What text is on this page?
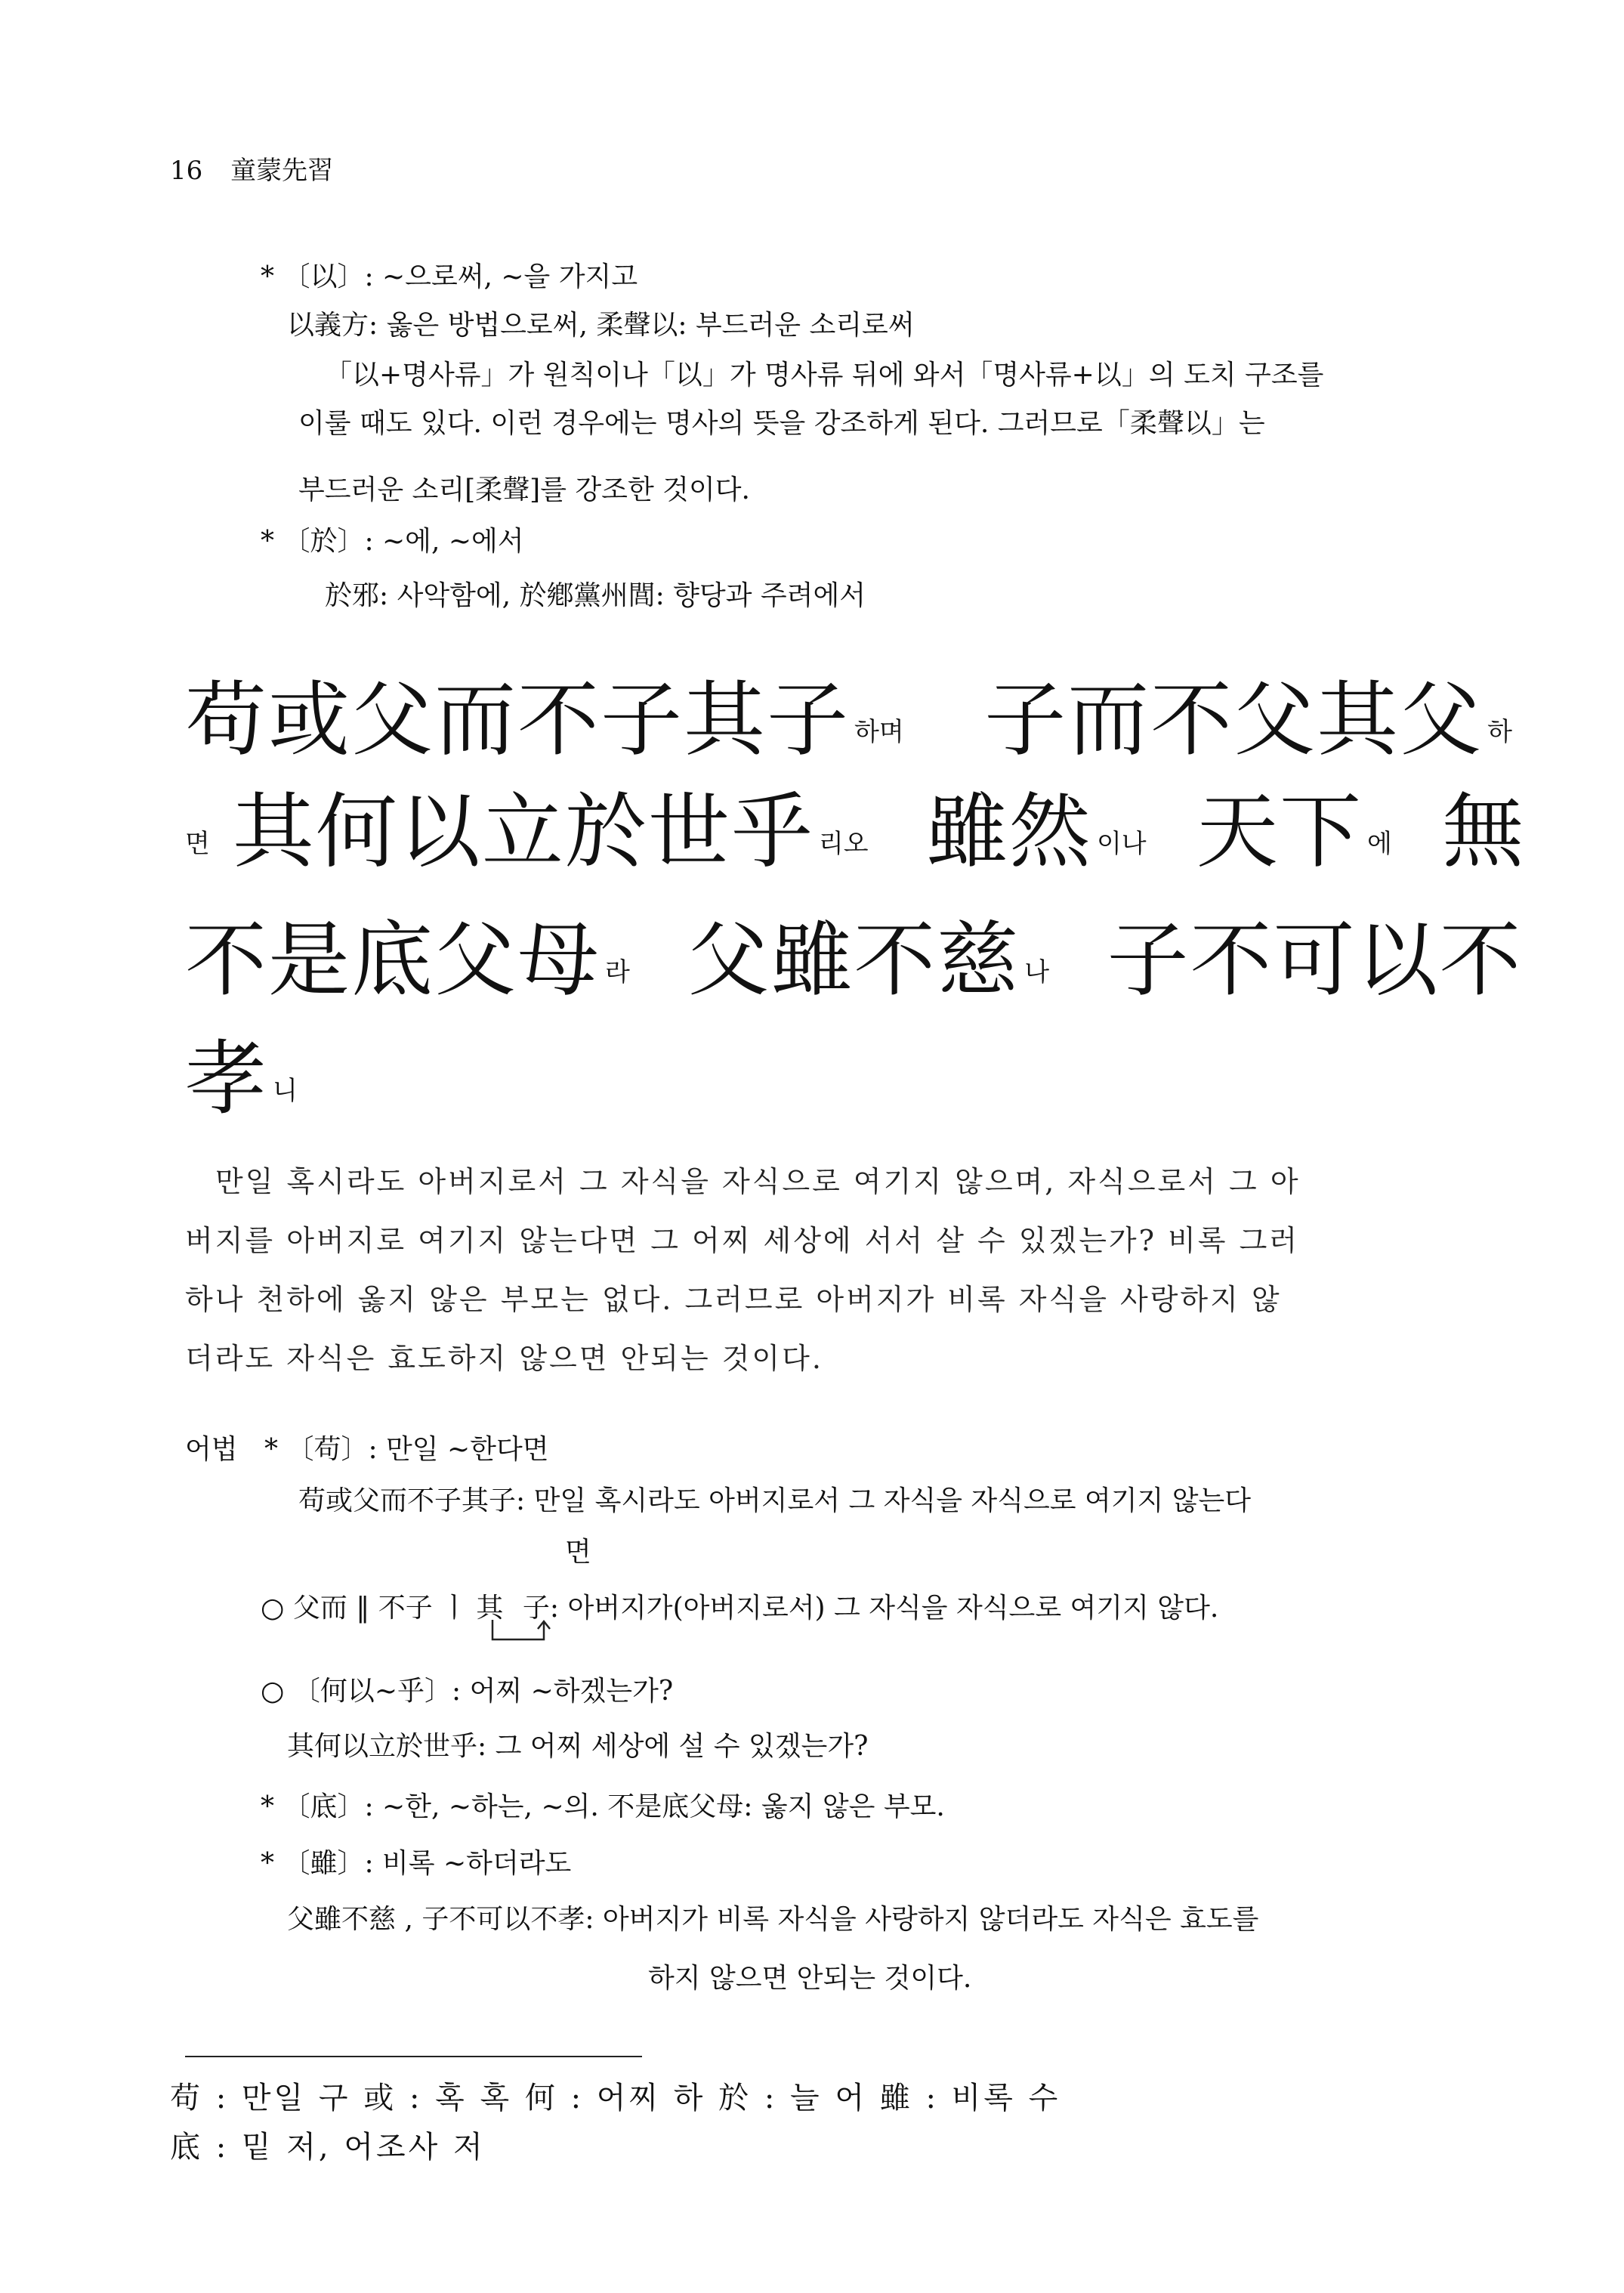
16 童蒙先習
* 〔以〕: ~으로써, ~을 가지고
以義方: 옳은 방법으로써, 柔聲以: 부드러운 소리로써
「以+명사류」가 원칙이나「以」가 명사류 뒤에 와서「명사류+以」의 도치 구조를
이룰 때도 있다. 이런 경우에는 명사의 뜻을 강조하게 된다. 그러므로「柔聲以」는
부드러운 소리[柔聲]를 강조한 것이다.
* 〔於〕: ~에, ~에서
於邪: 사악함에, 於鄕黨州閭: 향당과 주려에서
苟或父而不子其子 하며 子而不父其父 하
면 其何以立於世乎 리오 雖然 이나 天下 에 無
不是底父母 라 父雖不慈 나 子不可以不
孝니
만일 혹시라도 아버지로서 그 자식을 자식으로 여기지 않으며, 자식으로서 그 아
버지를 아버지로 여기지 않는다면 그 어찌 세상에 서서 살 수 있겠는가? 비록 그러
하나 천하에 옳지 않은 부모는 없다. 그러므로 아버지가 비록 자식을 사랑하지 않
더라도 자식은 효도하지 않으면 안되는 것이다.
어법 * 〔苟〕: 만일 ~한다면
苟或父而不子其子: 만일 혹시라도 아버지로서 그 자식을 자식으로 여기지 않는다
면
○ 父而 ‖ 不子 ㅣ 其 子: 아버지가(아버지로서) 그 자식을 자식으로 여기지 않다.
○ 〔何以~乎〕: 어찌 ~하겠는가?
其何以立於世乎: 그 어찌 세상에 설 수 있겠는가?
* 〔底〕: ~한, ~하는, ~의. 不是底父母: 옳지 않은 부모.
* 〔雖〕: 비록 ~하더라도
父雖不慈 , 子不可以不孝: 아버지가 비록 자식을 사랑하지 않더라도 자식은 효도를
하지 않으면 안되는 것이다.
苟 : 만일 구 或 : 혹 혹 何 : 어찌 하 於 : 늘 어 雖 : 비록 수
底 : 밑 저, 어조사 저
